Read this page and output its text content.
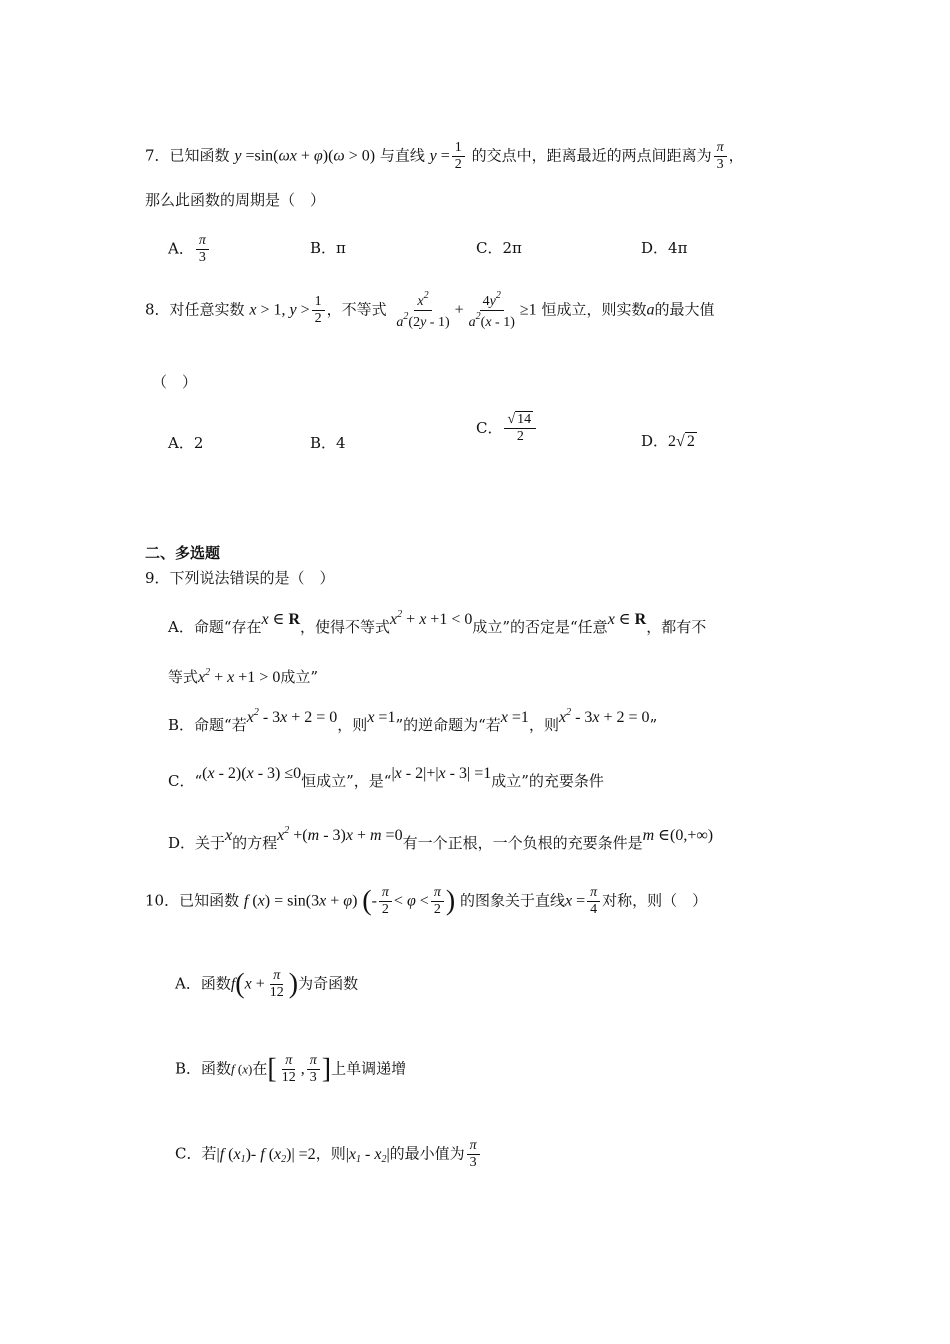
7．已知函数 y =sin(ωx + φ)(ω > 0) 与直线 $y = \frac{1}{2}$ 的交点中，距离最近的两点间距离为 $\frac{\pi}{3}$ ，
那么此函数的周期是（　）
A． $\frac{\pi}{3}$	B．π	C．2π	D．4π
8．对任意实数 x > 1, $y > \frac{1}{2}$ ，不等式 $\frac{x^2}{a^2(2y - 1)} + \frac{4y^2}{a^2(x - 1)} \ge 1$ 恒成立，则实数a的最大值
（　）
A．2	B．4
C． $\frac{√ 14}{2}$	D．2√ 2
二、多选题
9．下列说法错误的是（　）
A．命题“存在x ∈ R，使得不等式$x^2 + x +1 < 0$成立”的否定是“任意x ∈ R，都有不
等式$x^2 + x +1 > 0$成立”
B．命题“若$x^2 - 3x + 2 = 0$，则x =1”的逆命题为“若x =1，则$x^2 - 3x + 2 = 0$”
C．“(x - 2)(x - 3) ≤0恒成立”，是“|x - 2|+|x - 3| =1成立”的充要条件
D．关于x的方程$x^2 +(m - 3)x + m =0$有一个正根，一个负根的充要条件是m ∈(0,+∞)
10．已知函数 f (x) = sin(3x + φ) (- $\frac{\pi}{2} < \varphi < \frac{\pi}{2}$ ) 的图象关于直线$x = \frac{\pi}{4}$ 对称，则（　）
A．函数$f(x + \frac{\pi}{12}$ )为奇函数
B．函数f (x)在[ $\frac{\pi}{12}$ , $\frac{\pi}{3}$ ]上单调递增
C．若|f $(x_1)-$ f $(x_2)| =2$，则$|x_1 - x_2|$的最小值为 $\frac{\pi}{3}$
